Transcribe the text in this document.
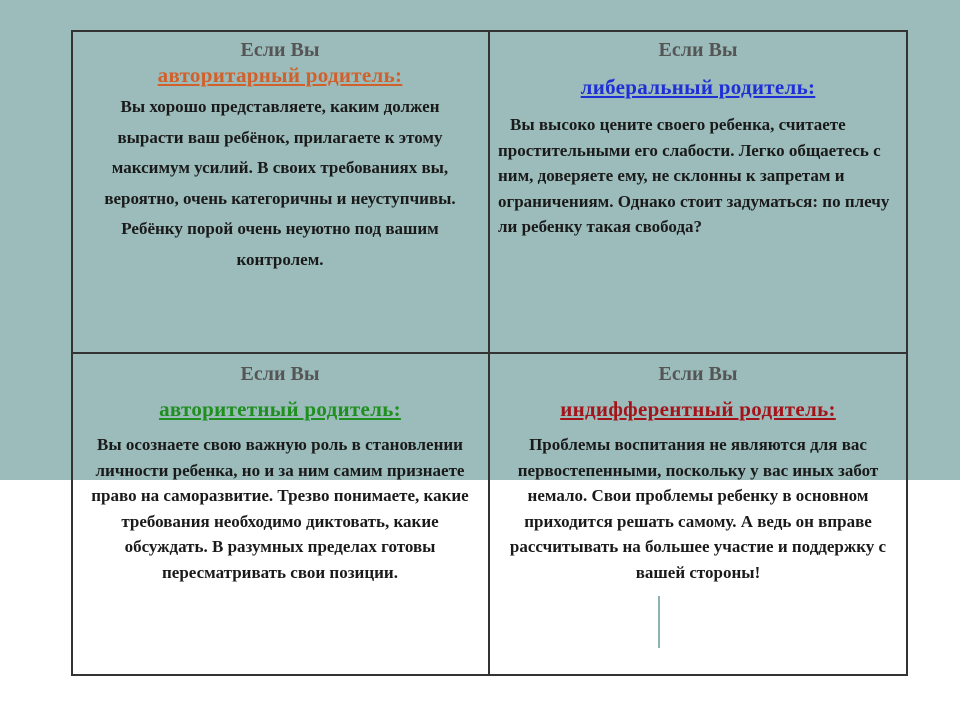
Если Вы
авторитарный родитель:
Вы хорошо представляете, каким должен вырасти ваш ребёнок, прилагаете к этому максимум усилий. В своих требованиях вы, вероятно, очень категоричны и неуступчивы. Ребёнку порой очень неуютно под вашим контролем.
Если Вы
либеральный родитель:
Вы высоко цените своего ребенка, считаете простительными его слабости. Легко общаетесь с ним, доверяете ему, не склонны к запретам и ограничениям. Однако стоит задуматься: по плечу ли ребенку такая свобода?
Если Вы
авторитетный родитель:
Вы осознаете свою важную роль в становлении личности ребенка, но и за ним самим признаете право на саморазвитие. Трезво понимаете, какие требования необходимо диктовать, какие обсуждать. В разумных пределах готовы пересматривать свои позиции.
Если Вы
индифферентный родитель:
Проблемы воспитания не являются для вас первостепенными, поскольку у вас иных забот немало. Свои проблемы ребенку в основном приходится решать самому. А ведь он вправе рассчитывать на большее участие и поддержку с вашей стороны!
